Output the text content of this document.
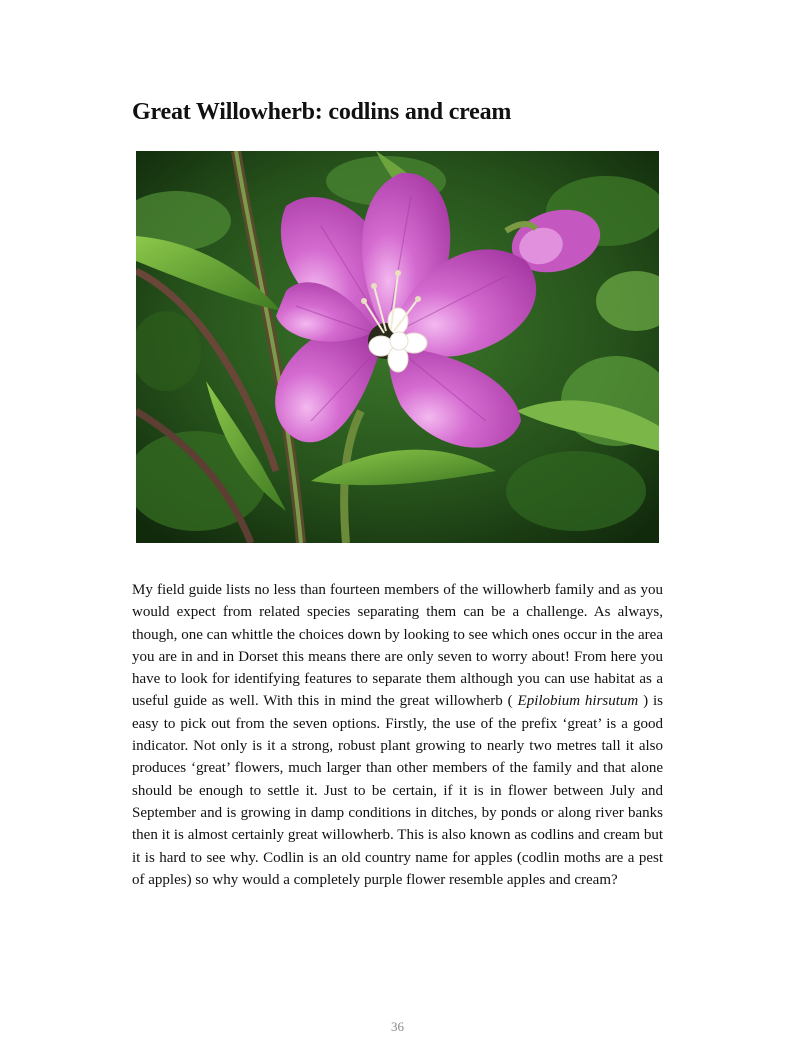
Great Willowherb: codlins and cream

My field guide lists no less than fourteen members of the willowherb family and as you would expect from related species separating them can be a challenge. As always, though, one can whittle the choices down by looking to see which ones occur in the area you are in and in Dorset this means there are only seven to worry about! From here you have to look for identifying features to separate them although you can use habitat as a useful guide as well. With this in mind the great willowherb ( Epilobium hirsutum ) is easy to pick out from the seven options. Firstly, the use of the prefix ‘great’ is a good indicator. Not only is it a strong, robust plant growing to nearly two metres tall it also produces ‘great’ flowers, much larger than other members of the family and that alone should be enough to settle it. Just to be certain, if it is in flower between July and September and is growing in damp conditions in ditches, by ponds or along river banks then it is almost certainly great willowherb. This is also known as codlins and cream but it is hard to see why. Codlin is an old country name for apples (codlin moths are a pest of apples) so why would a completely purple flower resemble apples and cream?

36
